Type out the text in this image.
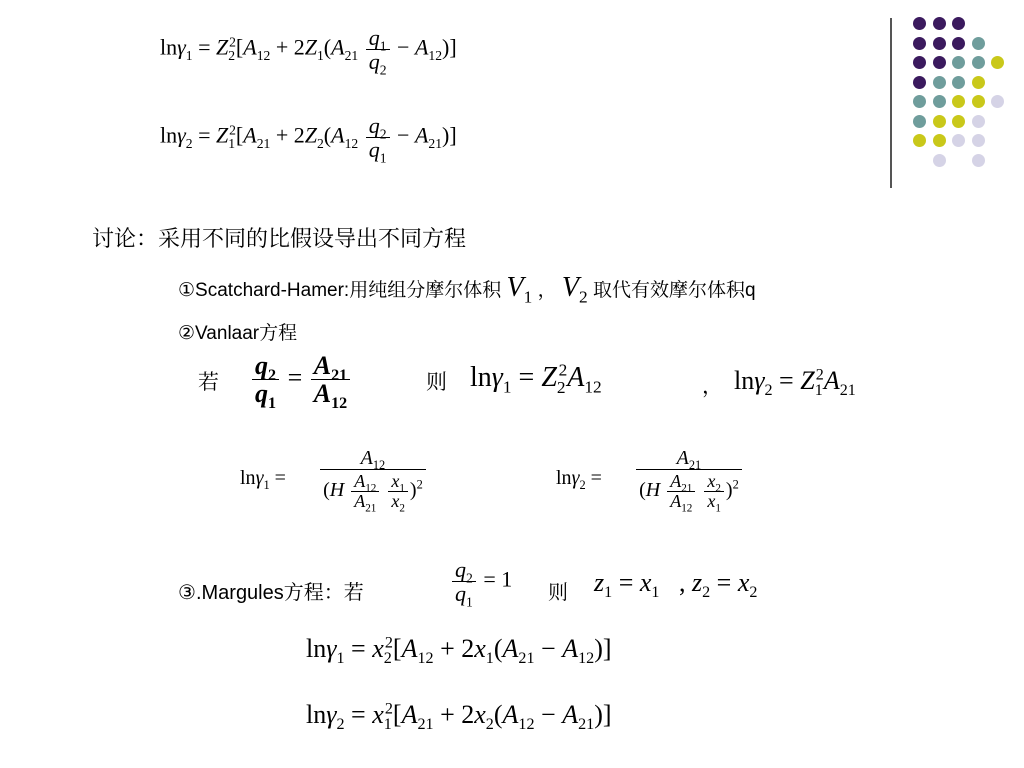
$\ln\gamma_1 = Z_2^2[A_{12} + 2Z_1(A_{21} \frac{q_1}{q_2} - A_{12})]$
$\ln\gamma_2 = Z_1^2[A_{21} + 2Z_2(A_{12} \frac{q_2}{q_1} - A_{21})]$
讨论：采用不同的比假设导出不同方程
①Scatchard-Hamer:用纯组分摩尔体积 $V_1$ ， $V_2$ 取代有效摩尔体积q
②Vanlaar方程
若 $\frac{q_2}{q_1} = \frac{A_{21}}{A_{12}}$	则 $\ln\gamma_1 = Z_2^2A_{12}$	， $\ln\gamma_2 = Z_1^2A_{21}$
$\ln\gamma_1 = A_{12}$
($H \frac{A_{12}}{A_{21}}$
$\frac{x_1}{x_2} )^2$	$\ln\gamma_2 = A_{21}$
($H \frac{A_{21}}{A_{12}}$
$\frac{x_2}{x_1} )^2$
③.Margules方程：若	$\frac{q_2}{q_1} = 1$
则 $z_1 = x_1$   , $z_2 = x_2$
$\ln\gamma_1 = x_2^2[A_{12} + 2x_1(A_{21} - A_{12})]$
$\ln\gamma_2 = x_1^2[A_{21} + 2x_2(A_{12} - A_{21})]$
